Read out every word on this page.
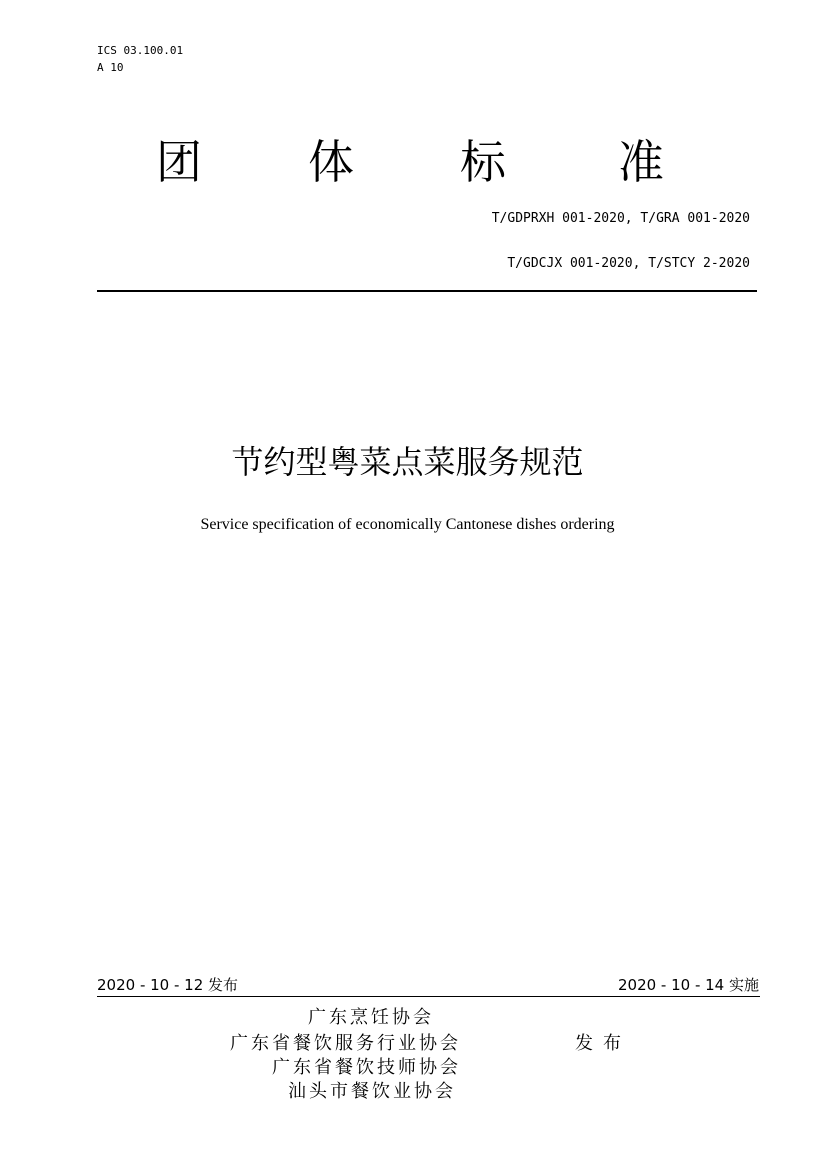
ICS 03.100.01
A 10
团 体 标 准
T/GDPRXH 001-2020, T/GRA 001-2020
T/GDCJX 001-2020, T/STCY 2-2020
节约型粤菜点菜服务规范
Service specification of economically Cantonese dishes ordering
2020 - 10 - 12 发布	2020 - 10 - 14 实施
广东烹饪协会
广东省餐饮服务行业协会
广东省餐饮技师协会
汕头市餐饮业协会
发布
